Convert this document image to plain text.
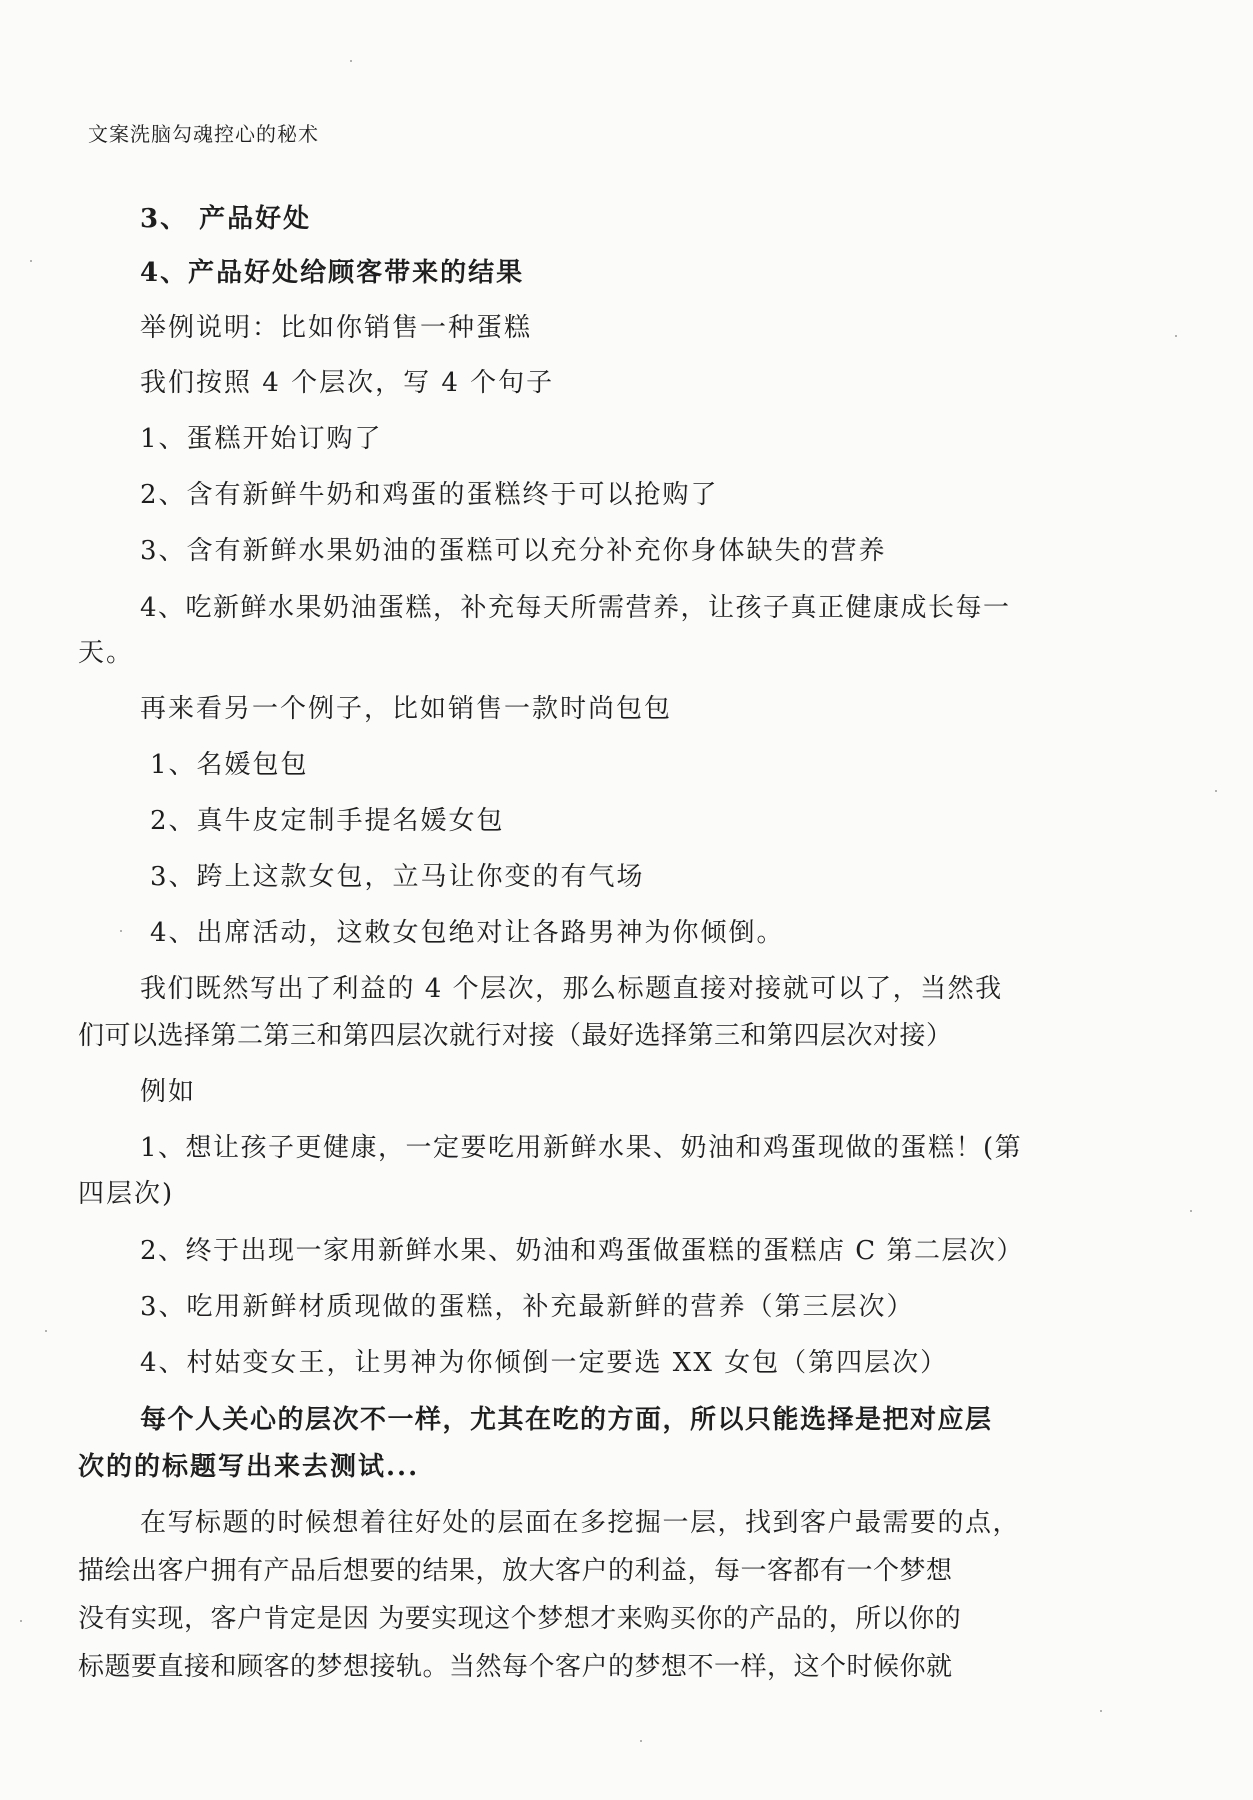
文案洗脑勾魂控心的秘术
3、 产品好处
4、产品好处给顾客带来的结果
举例说明：比如你销售一种蛋糕
我们按照 4 个层次，写 4 个句子
1、蛋糕开始订购了
2、含有新鲜牛奶和鸡蛋的蛋糕终于可以抢购了
3、含有新鲜水果奶油的蛋糕可以充分补充你身体缺失的营养
4、吃新鲜水果奶油蛋糕，补充每天所需营养，让孩子真正健康成长每一
天。
再来看另一个例子，比如销售一款时尚包包
1、名媛包包
2、真牛皮定制手提名媛女包
3、跨上这款女包，立马让你变的有气场
4、出席活动，这敕女包绝对让各路男神为你倾倒。
我们既然写出了利益的 4 个层次，那么标题直接对接就可以了，当然我
们可以选择第二第三和第四层次就行对接（最好选择第三和第四层次对接）
例如
1、想让孩子更健康，一定要吃用新鲜水果、奶油和鸡蛋现做的蛋糕！(第
四层次)
2、终于出现一家用新鲜水果、奶油和鸡蛋做蛋糕的蛋糕店 C 第二层次）
3、吃用新鲜材质现做的蛋糕，补充最新鲜的营养（第三层次）
4、村姑变女王，让男神为你倾倒一定要选 XX 女包（第四层次）
每个人关心的层次不一样，尤其在吃的方面，所以只能选择是把对应层
次的的标题写出来去测试...
在写标题的时候想着往好处的层面在多挖掘一层，找到客户最需要的点，
描绘出客户拥有产品后想要的结果，放大客户的利益，每一客都有一个梦想
没有实现，客户肯定是因 为要实现这个梦想才来购买你的产品的，所以你的
标题要直接和顾客的梦想接轨。当然每个客户的梦想不一样，这个时候你就
